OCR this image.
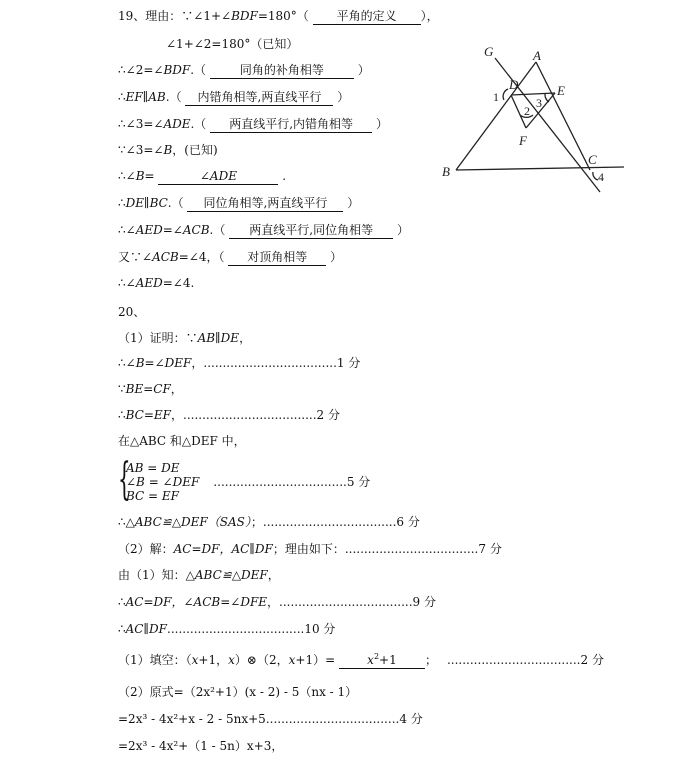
19、理由：∵∠1+∠BDF=180°（ 平角的定义 ），
∠1+∠2=180°（已知）
∴∠2=∠BDF.（	同角的补角相等	）
∴EF∥AB.（ 内错角相等,两直线平行 ）
∴∠3=∠ADE.（ 两直线平行,内错角相等 ）
∵∠3=∠B，(已知)
∴∠B=	∠ADE	.
∴DE∥BC.（ 同位角相等,两直线平行 ）
∴∠AED=∠ACB.（ 两直线平行,同位角相等 ）
又∵∠ACB=∠4，（ 对顶角相等 ）
∴∠AED=∠4.
G	A
D	E
F
B
C
1
2
3
4
20、
（1）证明：∵AB∥DE，
∴∠B=∠DEF，...................................1 分
∵BE=CF，
∴BC=EF，...................................2 分
在△ABC 和△DEF 中，
{
AB = DE
∠B = ∠DEF ...................................5 分
BC = EF
∴△ABC≌△DEF（SAS）；...................................6 分
（2）解：AC=DF，AC∥DF；理由如下：...................................7 分
由（1）知：△ABC≌△DEF，
∴AC=DF，∠ACB=∠DFE，...................................9 分
∴AC∥DF....................................10 分
（1）填空：（x+1，x）⊗（2，x+1）=	$x^2+1$ ； ...................................2 分
（2）原式=（2x²+1）(x - 2) - 5（nx - 1）
=2x³ - 4x²+x - 2 - 5nx+5...................................4 分
=2x³ - 4x²+（1 - 5n）x+3，
